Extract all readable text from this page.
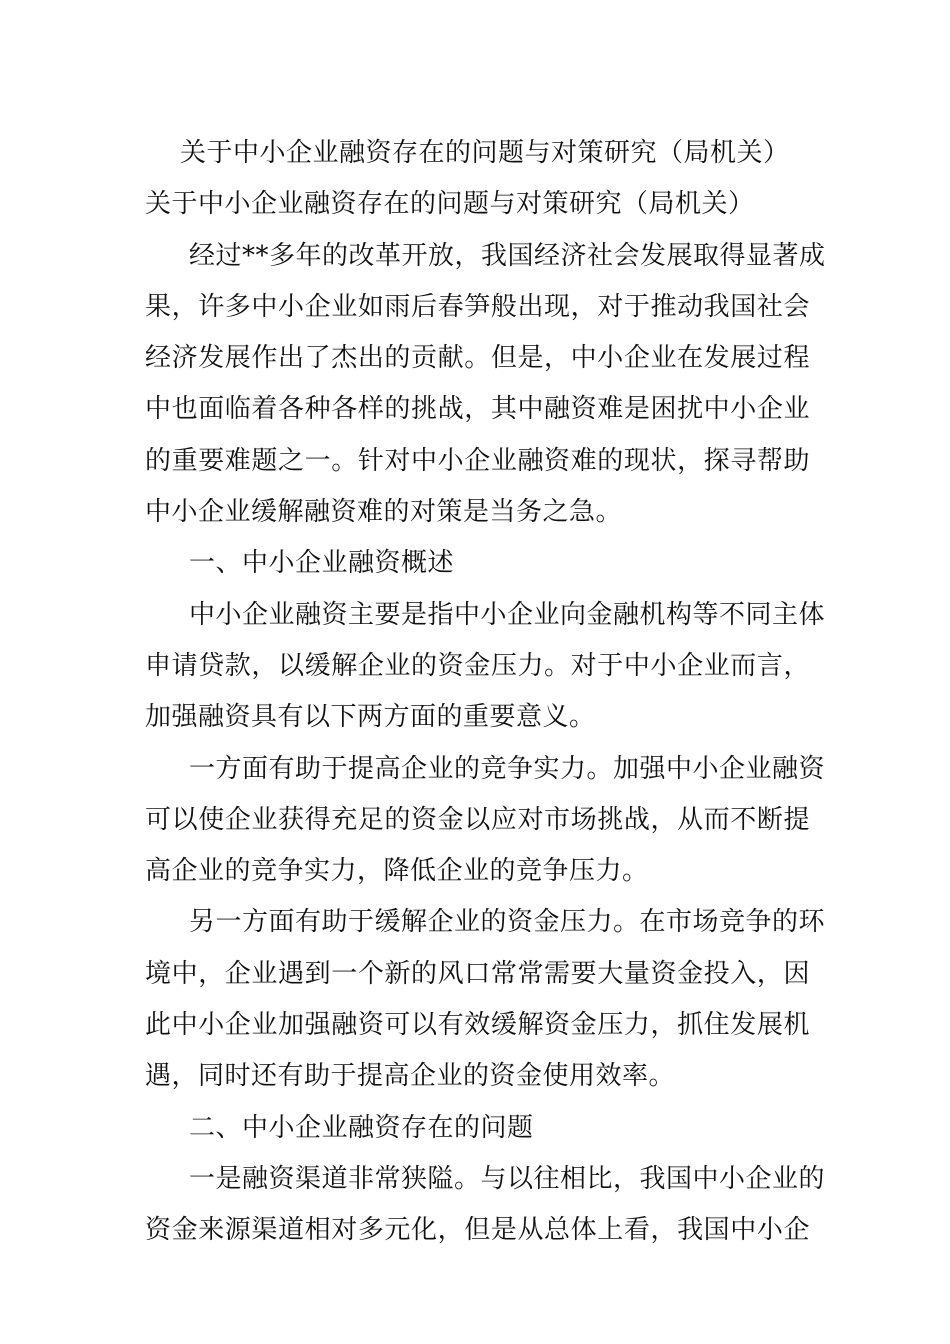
关于中小企业融资存在的问题与对策研究（局机关）

关于中小企业融资存在的问题与对策研究（局机关）

经过**多年的改革开放，我国经济社会发展取得显著成

果，许多中小企业如雨后春笋般出现，对于推动我国社会

经济发展作出了杰出的贡献。但是，中小企业在发展过程

中也面临着各种各样的挑战，其中融资难是困扰中小企业

的重要难题之一。针对中小企业融资难的现状，探寻帮助

中小企业缓解融资难的对策是当务之急。

一、中小企业融资概述

中小企业融资主要是指中小企业向金融机构等不同主体

申请贷款，以缓解企业的资金压力。对于中小企业而言，

加强融资具有以下两方面的重要意义。

一方面有助于提高企业的竞争实力。加强中小企业融资

可以使企业获得充足的资金以应对市场挑战，从而不断提

高企业的竞争实力，降低企业的竞争压力。

另一方面有助于缓解企业的资金压力。在市场竞争的环

境中，企业遇到一个新的风口常常需要大量资金投入，因

此中小企业加强融资可以有效缓解资金压力，抓住发展机

遇，同时还有助于提高企业的资金使用效率。

二、中小企业融资存在的问题

一是融资渠道非常狭隘。与以往相比，我国中小企业的

资金来源渠道相对多元化，但是从总体上看，我国中小企
